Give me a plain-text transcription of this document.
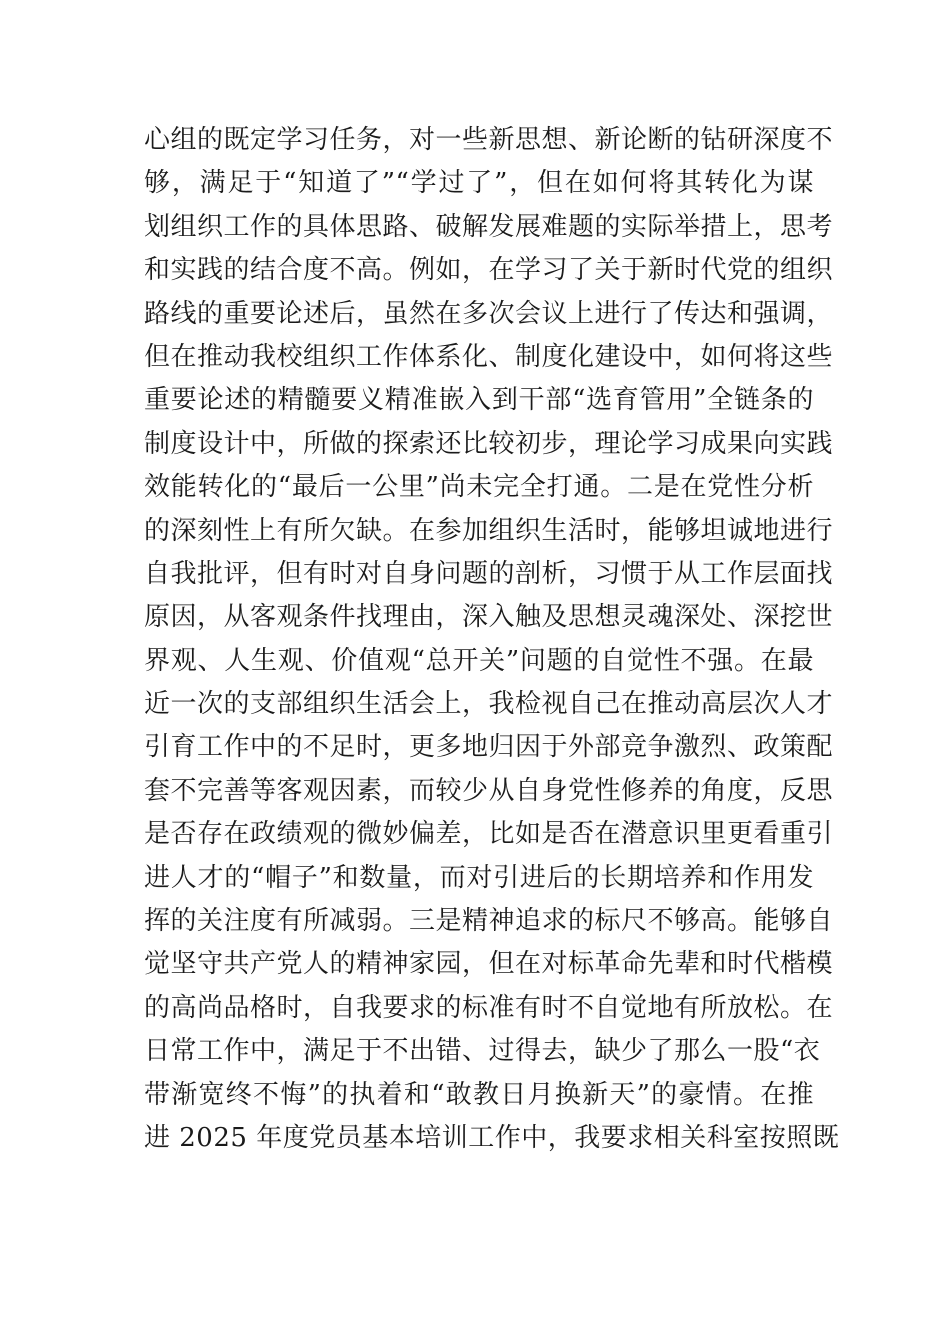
心组的既定学习任务，对一些新思想、新论断的钻研深度不
够，满足于“知道了”“学过了”，但在如何将其转化为谋
划组织工作的具体思路、破解发展难题的实际举措上，思考
和实践的结合度不高。例如，在学习了关于新时代党的组织
路线的重要论述后，虽然在多次会议上进行了传达和强调，
但在推动我校组织工作体系化、制度化建设中，如何将这些
重要论述的精髓要义精准嵌入到干部“选育管用”全链条的
制度设计中，所做的探索还比较初步，理论学习成果向实践
效能转化的“最后一公里”尚未完全打通。二是在党性分析
的深刻性上有所欠缺。在参加组织生活时，能够坦诚地进行
自我批评，但有时对自身问题的剖析，习惯于从工作层面找
原因，从客观条件找理由，深入触及思想灵魂深处、深挖世
界观、人生观、价值观“总开关”问题的自觉性不强。在最
近一次的支部组织生活会上，我检视自己在推动高层次人才
引育工作中的不足时，更多地归因于外部竞争激烈、政策配
套不完善等客观因素，而较少从自身党性修养的角度，反思
是否存在政绩观的微妙偏差，比如是否在潜意识里更看重引
进人才的“帽子”和数量，而对引进后的长期培养和作用发
挥的关注度有所减弱。三是精神追求的标尺不够高。能够自
觉坚守共产党人的精神家园，但在对标革命先辈和时代楷模
的高尚品格时，自我要求的标准有时不自觉地有所放松。在
日常工作中，满足于不出错、过得去，缺少了那么一股“衣
带渐宽终不悔”的执着和“敢教日月换新天”的豪情。在推
进 2025 年度党员基本培训工作中，我要求相关科室按照既
